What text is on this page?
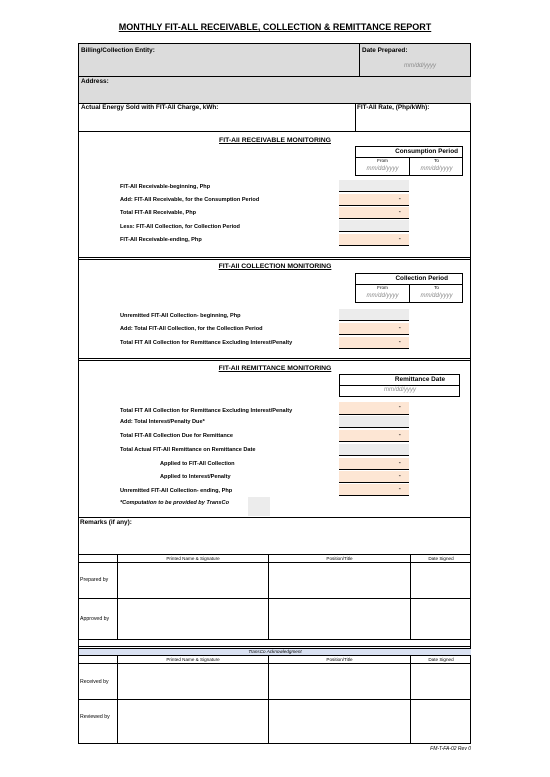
MONTHLY FIT-ALL RECEIVABLE, COLLECTION & REMITTANCE REPORT
Billing/Collection Entity:	Date Prepared:
mm/dd/yyyy
Address:
Actual Energy Sold with FIT-All Charge, kWh:	FIT-All Rate, (Php/kWh):
FIT-All RECEIVABLE MONITORING
Consumption Period
From	To
mm/dd/yyyy	mm/dd/yyyy
FIT-All Receivable-beginning, Php
Add: FIT-All Receivable, for the Consumption Period	-
Total FIT-All Receivable, Php	-
Less: FIT-All Collection, for Collection Period
FIT-All Receivable-ending, Php	-
FIT-All COLLECTION MONITORING
Collection Period
From	To
mm/dd/yyyy	mm/dd/yyyy
Unremitted FIT-All Collection- beginning, Php
Add: Total FIT-All Collection, for the Collection Period	-
Total FIT All Collection for Remittance Excluding Interest/Penalty	-
FIT-All REMITTANCE MONITORING
Remittance Date
mm/dd/yyyy
Total FIT All Collection for Remittance Excluding Interest/Penalty	-
Add: Total Interest/Penalty Due*
Total FIT-All Collection Due for Remittance	-
Total Actual FIT-All Remittance on Remittance Date
Applied to FIT-All Collection	-
Applied to Interest/Penalty	-
Unremitted FIT-All Collection- ending, Php	-
*Computation to be provided by TransCo
Remarks (if any):
Printed Name & Signature	Position/Title	Date Signed
Prepared by
Approved by
TransCo Acknowledgment
Printed Name & Signature	Position/Title	Date Signed
Received by
Reviewed by
FM-T-FA-02 Rev 0
